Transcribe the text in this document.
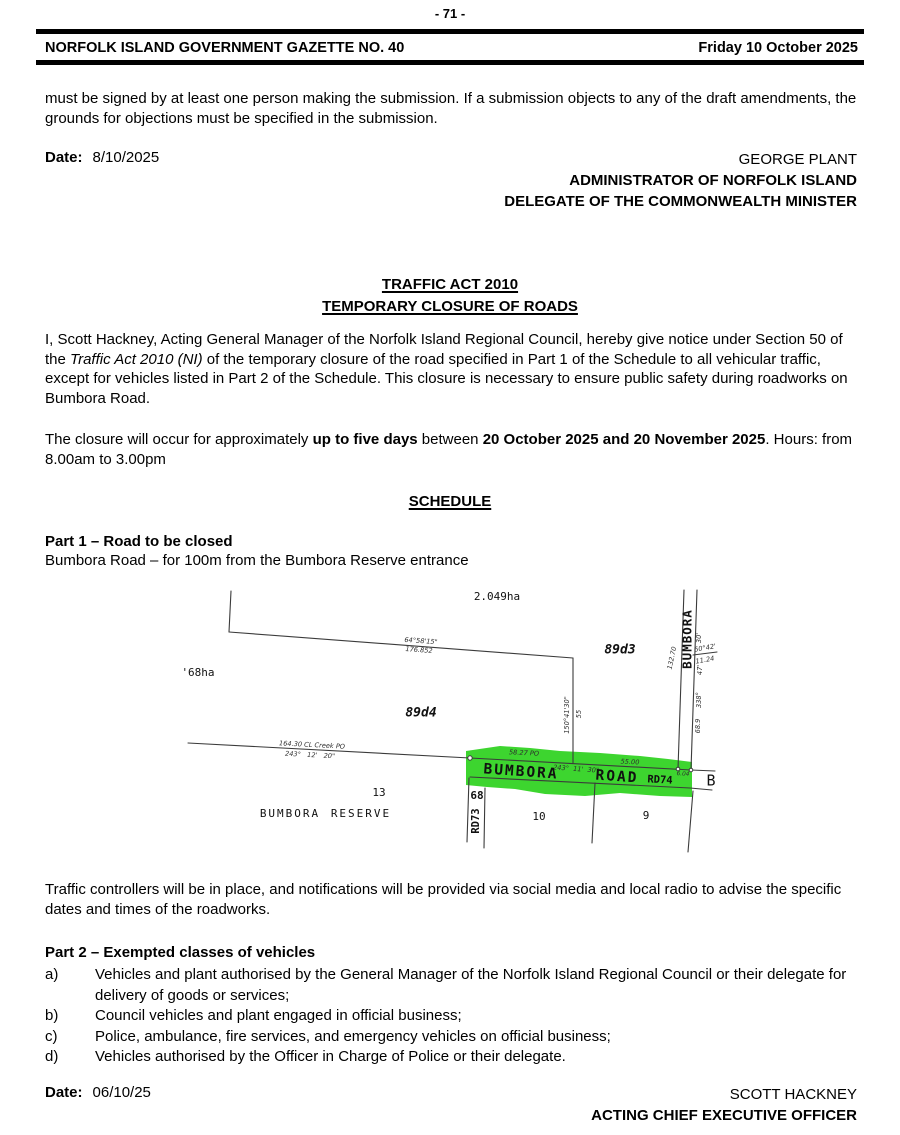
- 71 -
NORFOLK ISLAND GOVERNMENT GAZETTE NO. 40	Friday 10 October 2025
must be signed by at least one person making the submission. If a submission objects to any of the draft amendments, the grounds for objections must be specified in the submission.
Date: 8/10/2025	GEORGE PLANT
ADMINISTRATOR OF NORFOLK ISLAND
DELEGATE OF THE COMMONWEALTH MINISTER
TRAFFIC ACT 2010
TEMPORARY CLOSURE OF ROADS
I, Scott Hackney, Acting General Manager of the Norfolk Island Regional Council, hereby give notice under Section 50 of the Traffic Act 2010 (NI) of the temporary closure of the road specified in Part 1 of the Schedule to all vehicular traffic, except for vehicles listed in Part 2 of the Schedule. This closure is necessary to ensure public safety during roadworks on Bumbora Road.
The closure will occur for approximately up to five days between 20 October 2025 and 20 November 2025. Hours: from 8.00am to 3.00pm
SCHEDULE
Part 1 – Road to be closed
Bumbora Road – for 100m from the Bumbora Reserve entrance
2.049ha
89d3
89d4
'68ha
13
10	9
68
BUMBORA RESERVE
B
64°58'15"
176.852
150°41'30" 55
164.30 CL Creek PO
243°   12'   20"	58.27 PO
55.00
243°  11'  30"	6.04
BUMBORA ROAD RD74
RD73
BUMBORA
132.70
30'
60°42'
11.24
47'
338°
68.9
Traffic controllers will be in place, and notifications will be provided via social media and local radio to advise the specific dates and times of the roadworks.
Part 2 – Exempted classes of vehicles
a) Vehicles and plant authorised by the General Manager of the Norfolk Island Regional Council or their delegate for delivery of goods or services;
b) Council vehicles and plant engaged in official business;
c)	Police, ambulance, fire services, and emergency vehicles on official business;
d) Vehicles authorised by the Officer in Charge of Police or their delegate.
Date: 06/10/25	SCOTT HACKNEY
ACTING CHIEF EXECUTIVE OFFICER
